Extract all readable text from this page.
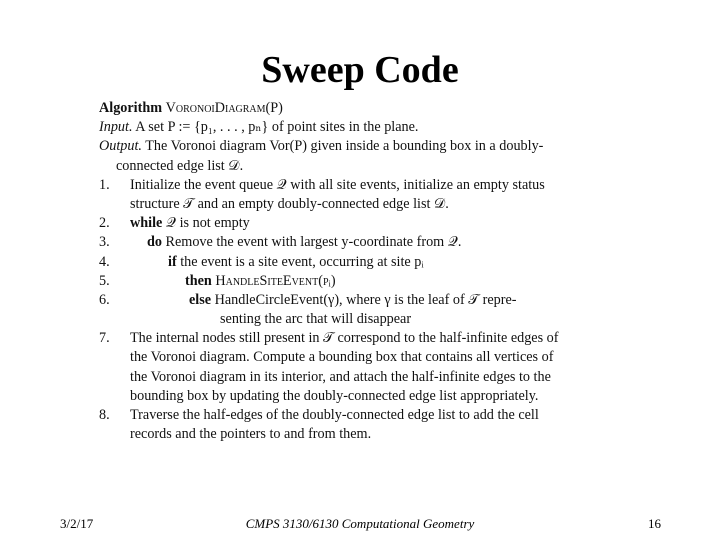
Sweep Code
Algorithm VoronoiDiagram(P)
Input. A set P := {p₁, . . . , pₙ} of point sites in the plane.
Output. The Voronoi diagram Vor(P) given inside a bounding box in a doubly-
connected edge list 𝒟.
1.	Initialize the event queue 𝒬 with all site events, initialize an empty status
structure 𝒯 and an empty doubly-connected edge list 𝒟.
2.	while 𝒬 is not empty
3.	do Remove the event with largest y-coordinate from 𝒬.
4.	if the event is a site event, occurring at site pᵢ
5.	then HandleSiteEvent(pᵢ)
6.	else HandleCircleEvent(γ), where γ is the leaf of 𝒯 repre-
senting the arc that will disappear
7.	The internal nodes still present in 𝒯 correspond to the half-infinite edges of
the Voronoi diagram. Compute a bounding box that contains all vertices of
the Voronoi diagram in its interior, and attach the half-infinite edges to the
bounding box by updating the doubly-connected edge list appropriately.
8.	Traverse the half-edges of the doubly-connected edge list to add the cell
records and the pointers to and from them.
3/2/17	CMPS 3130/6130 Computational Geometry	16
